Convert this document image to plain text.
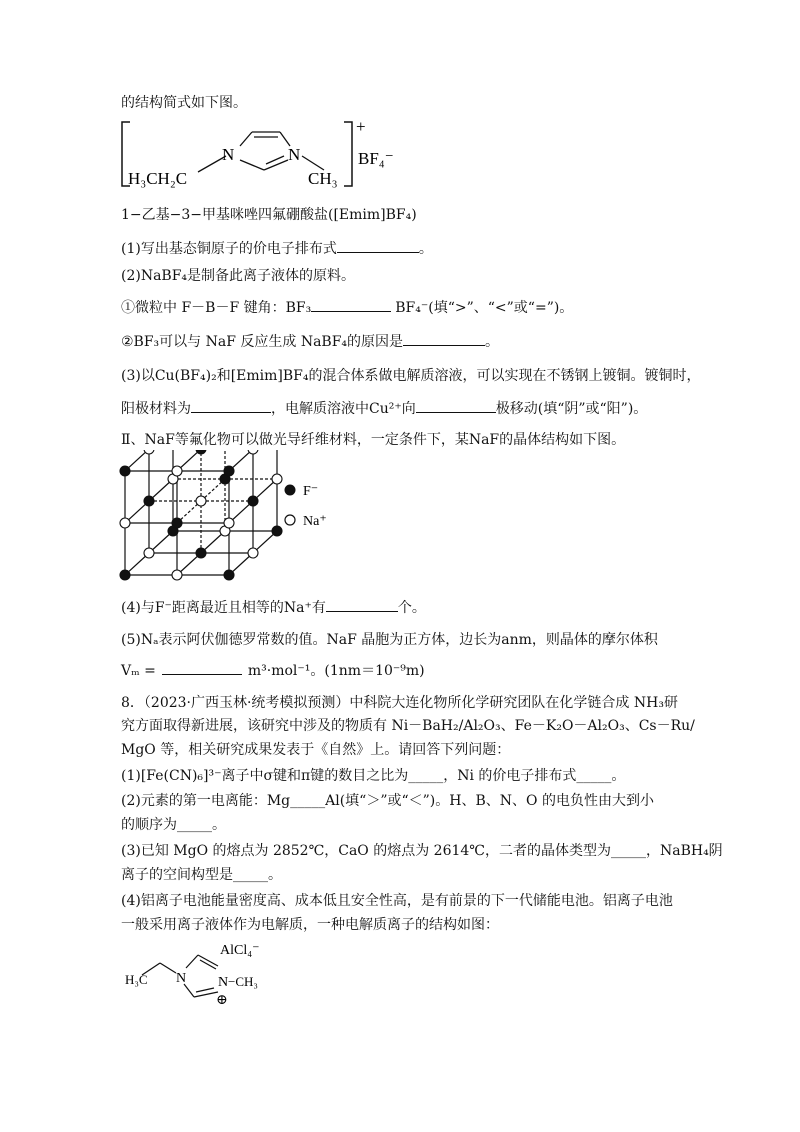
的结构简式如下图。
N	N
H₃CH₂C	CH₃
+
BF₄⁻
1−乙基−3−甲基咪唑四氟硼酸盐([Emim]BF₄)
(1)写出基态铜原子的价电子排布式	。
(2)NaBF₄是制备此离子液体的原料。
①微粒中 F－B－F 键角：BF₃	BF₄⁻(填“>”、“<”或“=”)。
②BF₃可以与 NaF 反应生成 NaBF₄的原因是	。
(3)以Cu(BF₄)₂和[Emim]BF₄的混合体系做电解质溶液，可以实现在不锈钢上镀铜。镀铜时，
阳极材料为	，电解质溶液中Cu²⁺向	极移动(填“阴”或“阳”)。
Ⅱ、NaF等氟化物可以做光导纤维材料，一定条件下，某NaF的晶体结构如下图。
F⁻
Na⁺
(4)与F⁻距离最近且相等的Na⁺有	个。
(5)Nₐ表示阿伏伽德罗常数的值。NaF 晶胞为正方体，边长为anm，则晶体的摩尔体积
Vₘ =	m³·mol⁻¹。(1nm＝10⁻⁹m)
8．（2023·广西玉林·统考模拟预测）中科院大连化物所化学研究团队在化学链合成 NH₃研
究方面取得新进展，该研究中涉及的物质有 Ni－BaH₂/Al₂O₃、Fe－K₂O－Al₂O₃、Cs－Ru/
MgO 等，相关研究成果发表于《自然》上。请回答下列问题：
(1)[Fe(CN)₆]³⁻离子中σ键和π键的数目之比为_____，Ni 的价电子排布式_____。
(2)元素的第一电离能：Mg_____Al(填“＞”或“＜”)。H、B、N、O 的电负性由大到小
的顺序为_____。
(3)已知 MgO 的熔点为 2852℃，CaO 的熔点为 2614℃，二者的晶体类型为_____，NaBH₄阴
离子的空间构型是_____。
(4)铝离子电池能量密度高、成本低且安全性高，是有前景的下一代储能电池。铝离子电池
一般采用离子液体作为电解质，一种电解质离子的结构如图：
H₃C N N −CH₃
AlCl₄⁻
⊕
